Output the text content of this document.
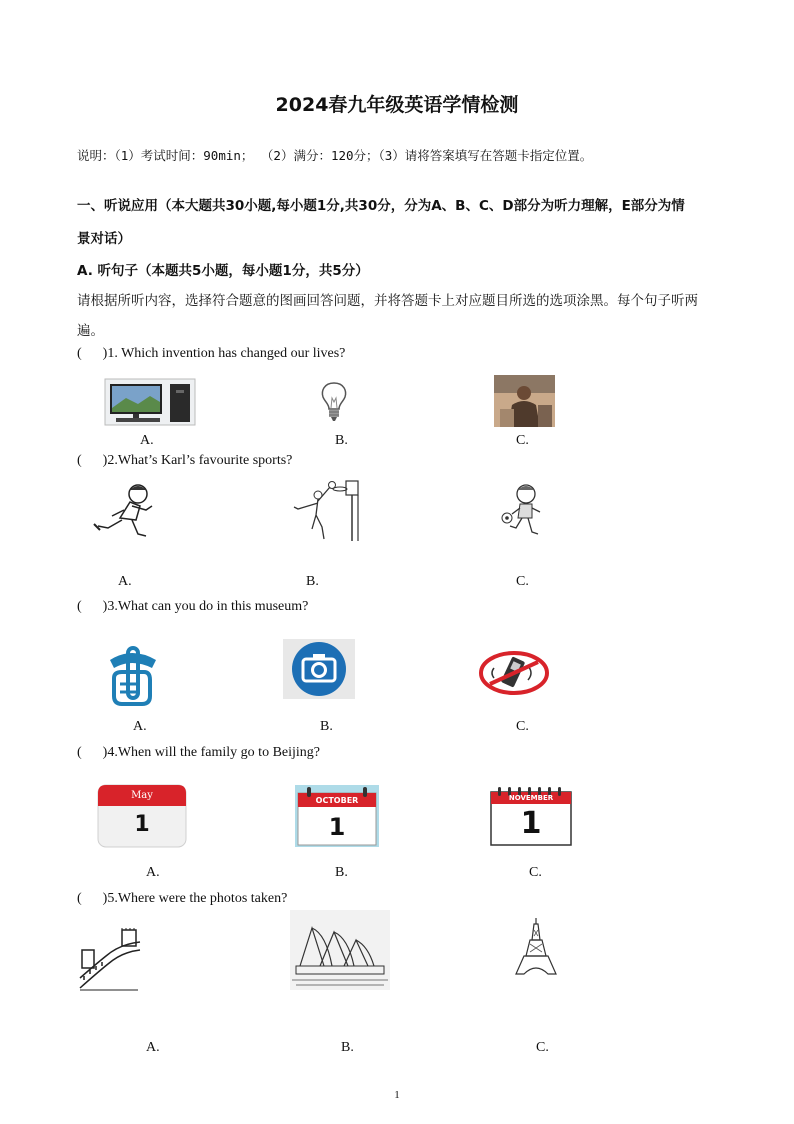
2024春九年级英语学情检测
说明：（1）考试时间：90min； （2）满分：120分；（3）请将答案填写在答题卡指定位置。
一、听说应用（本大题共30小题,每小题1分,共30分，分为A、B、C、D部分为听力理解，E部分为情
景对话）
A. 听句子（本题共5小题，每小题1分，共5分）
请根据所听内容，选择符合题意的图画回答问题，并将答题卡上对应题目所选的选项涂黑。每个句子听两
遍。
(      )1. Which invention has changed our lives?
A.	B.	C.
(      )2.What’s Karl’s favourite sports?
A.	B.	C.
(      )3.What can you do in this museum?
A.	B.	C.
(      )4.When will the family go to Beijing?
May
1
OCTOBER
1
NOVEMBER
1
A.	B.	C.
(      )5.Where were the photos taken?
A.	B.	C.
1
